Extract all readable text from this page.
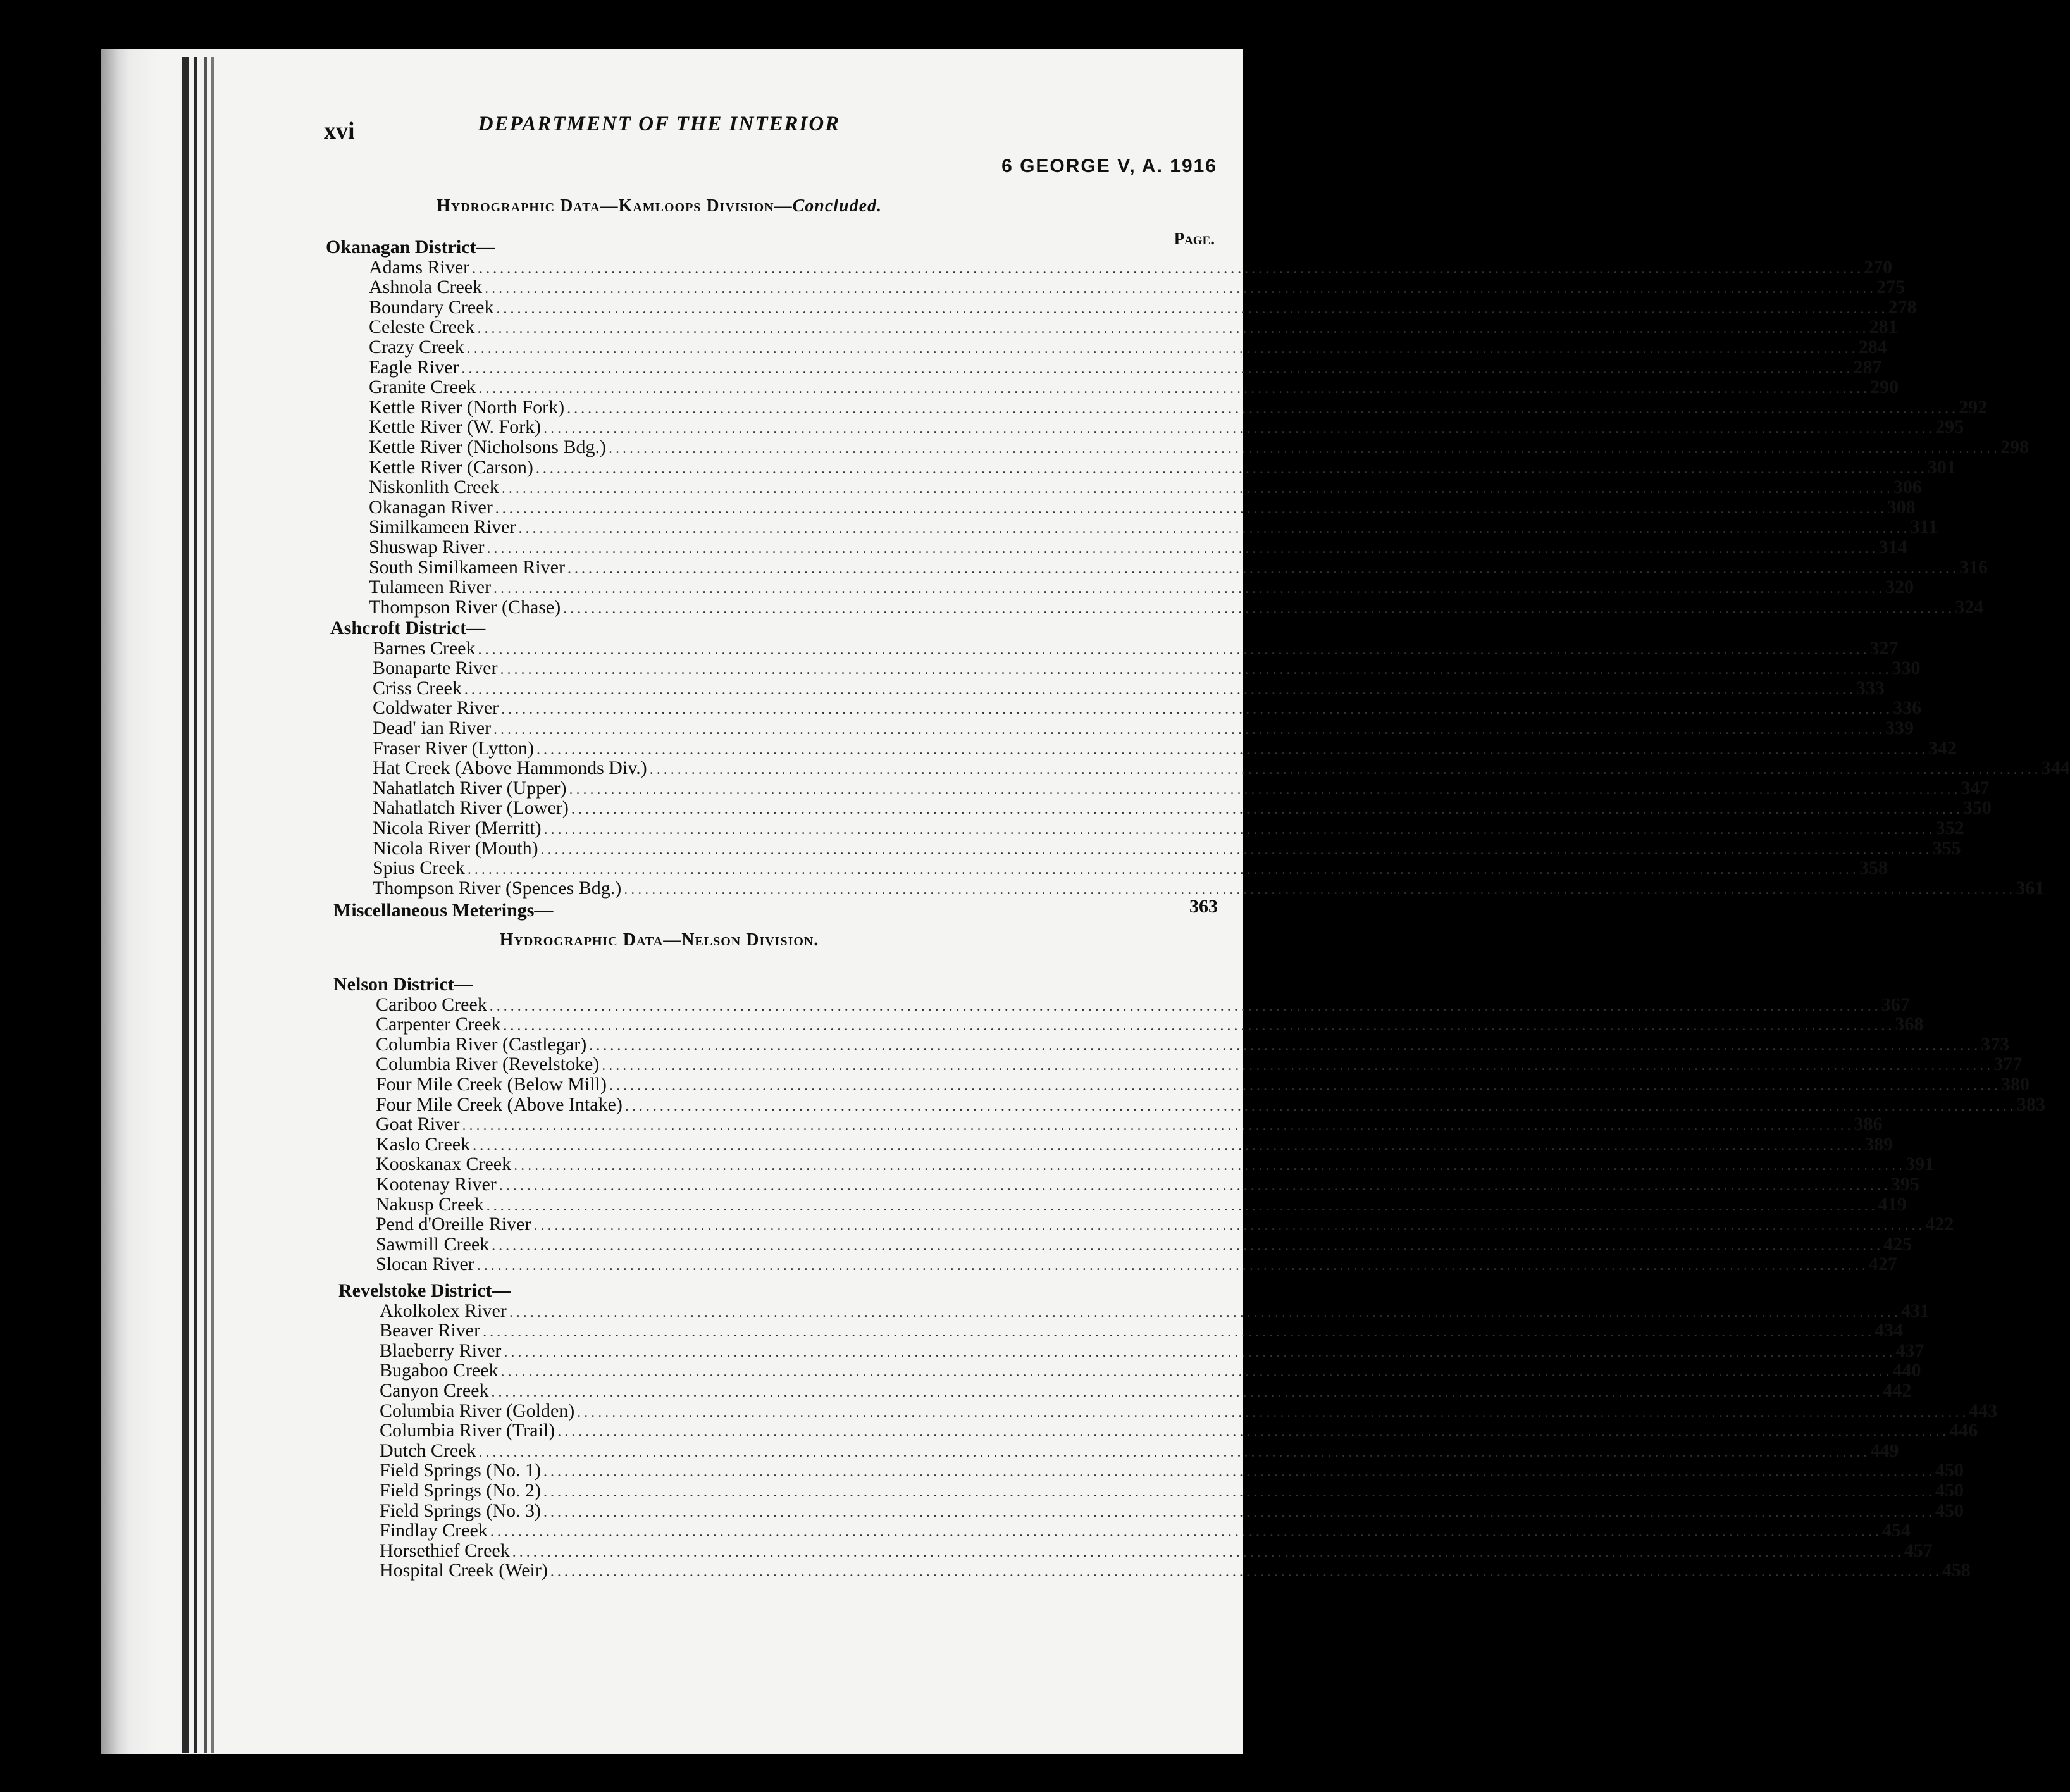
xvi	DEPARTMENT OF THE INTERIOR
6 GEORGE V, A. 1916
Hydrographic Data—Kamloops Division—Concluded.
Page.
Hydrographic Data—Nelson Division.
Okanagan District—
Adams River ........................................................................................................................................................................................................ 270
Ashnola Creek ........................................................................................................................................................................................................ 275
Boundary Creek ........................................................................................................................................................................................................ 278
Celeste Creek ........................................................................................................................................................................................................ 281
Crazy Creek ........................................................................................................................................................................................................ 284
Eagle River ........................................................................................................................................................................................................ 287
Granite Creek ........................................................................................................................................................................................................ 290
Kettle River (North Fork) ........................................................................................................................................................................................................ 292
Kettle River (W. Fork) ........................................................................................................................................................................................................ 295
Kettle River (Nicholsons Bdg.) ........................................................................................................................................................................................................ 298
Kettle River (Carson) ........................................................................................................................................................................................................ 301
Niskonlith Creek ........................................................................................................................................................................................................ 306
Okanagan River ........................................................................................................................................................................................................ 308
Similkameen River ........................................................................................................................................................................................................ 311
Shuswap River ........................................................................................................................................................................................................ 314
South Similkameen River ........................................................................................................................................................................................................ 316
Tulameen River ........................................................................................................................................................................................................ 320
Thompson River (Chase) ........................................................................................................................................................................................................ 324
Ashcroft District—
Barnes Creek ........................................................................................................................................................................................................ 327
Bonaparte River ........................................................................................................................................................................................................ 330
Criss Creek ........................................................................................................................................................................................................ 333
Coldwater River ........................................................................................................................................................................................................ 336
Dead' ian River ........................................................................................................................................................................................................ 339
Fraser River (Lytton) ........................................................................................................................................................................................................ 342
Hat Creek (Above Hammonds Div.) ........................................................................................................................................................................................................ 344
Nahatlatch River (Upper) ........................................................................................................................................................................................................ 347
Nahatlatch River (Lower) ........................................................................................................................................................................................................ 350
Nicola River (Merritt) ........................................................................................................................................................................................................ 352
Nicola River (Mouth) ........................................................................................................................................................................................................ 355
Spius Creek ........................................................................................................................................................................................................ 358
Thompson River (Spences Bdg.) ........................................................................................................................................................................................................ 361
Miscellaneous Meterings—	363
Nelson District—
Cariboo Creek ........................................................................................................................................................................................................ 367
Carpenter Creek ........................................................................................................................................................................................................ 368
Columbia River (Castlegar) ........................................................................................................................................................................................................ 373
Columbia River (Revelstoke) ........................................................................................................................................................................................................ 377
Four Mile Creek (Below Mill) ........................................................................................................................................................................................................ 380
Four Mile Creek (Above Intake) ........................................................................................................................................................................................................ 383
Goat River ........................................................................................................................................................................................................ 386
Kaslo Creek ........................................................................................................................................................................................................ 389
Kooskanax Creek ........................................................................................................................................................................................................ 391
Kootenay River ........................................................................................................................................................................................................ 395
Nakusp Creek ........................................................................................................................................................................................................ 419
Pend d'Oreille River ........................................................................................................................................................................................................ 422
Sawmill Creek ........................................................................................................................................................................................................ 425
Slocan River ........................................................................................................................................................................................................ 427
Revelstoke District—
Akolkolex River ........................................................................................................................................................................................................ 431
Beaver River ........................................................................................................................................................................................................ 434
Blaeberry River ........................................................................................................................................................................................................ 437
Bugaboo Creek ........................................................................................................................................................................................................ 440
Canyon Creek ........................................................................................................................................................................................................ 442
Columbia River (Golden) ........................................................................................................................................................................................................ 443
Columbia River (Trail) ........................................................................................................................................................................................................ 446
Dutch Creek ........................................................................................................................................................................................................ 449
Field Springs (No. 1) ........................................................................................................................................................................................................ 450
Field Springs (No. 2) ........................................................................................................................................................................................................ 450
Field Springs (No. 3) ........................................................................................................................................................................................................ 450
Findlay Creek ........................................................................................................................................................................................................ 454
Horsethief Creek ........................................................................................................................................................................................................ 457
Hospital Creek (Weir) ........................................................................................................................................................................................................ 458
